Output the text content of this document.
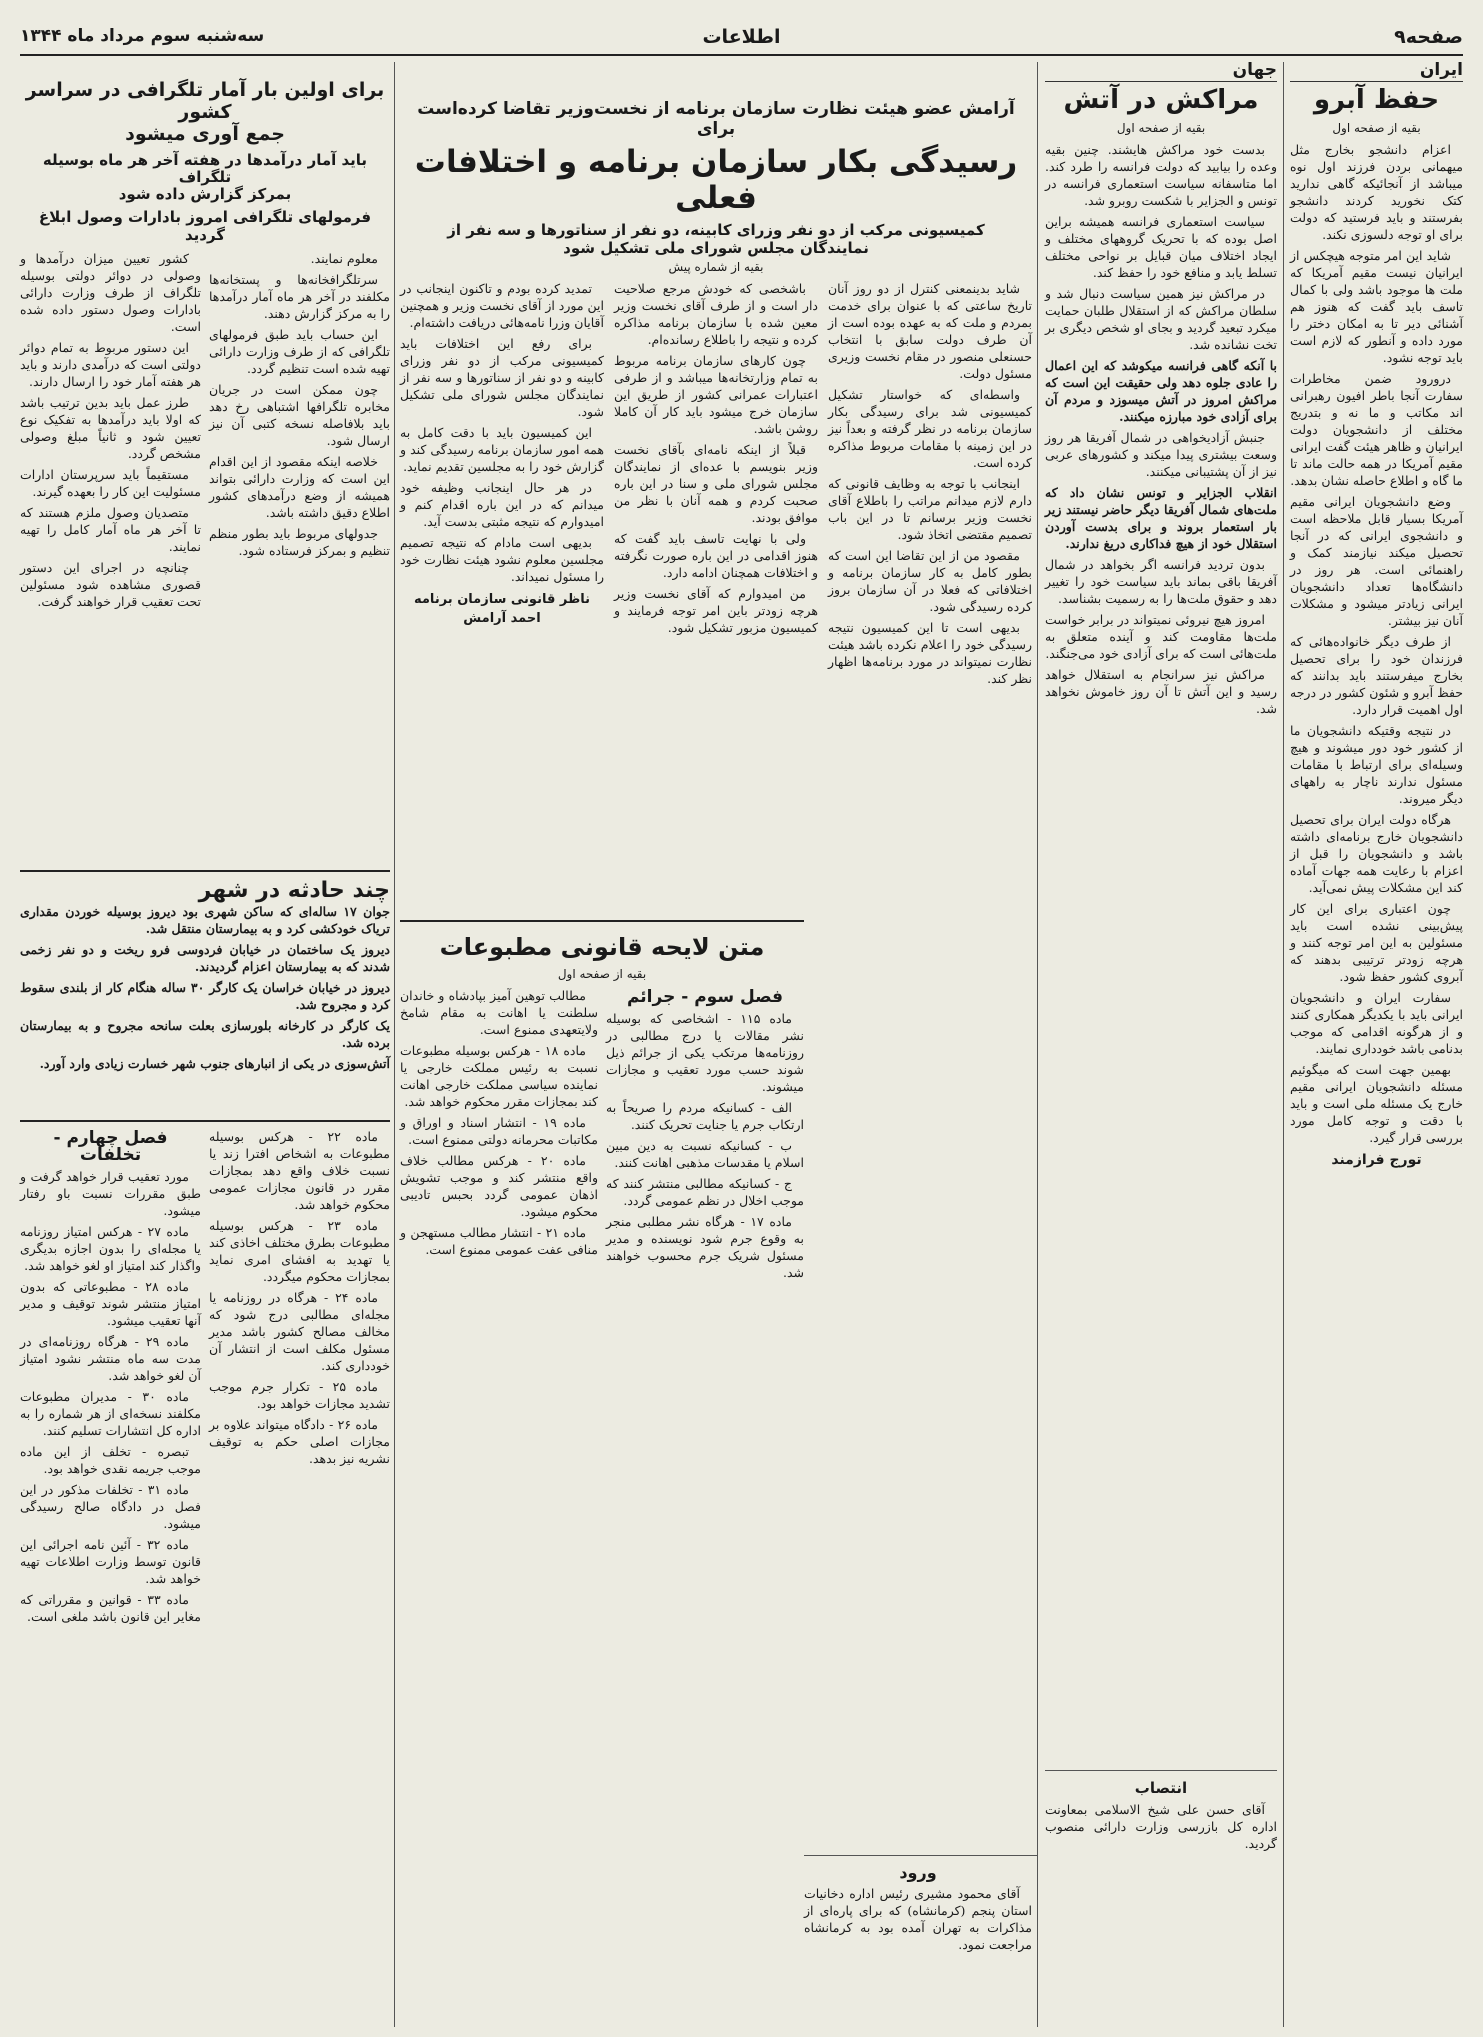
صفحه۹
اطلاعات
سه‌شنبه سوم مرداد ماه ۱۳۴۴
ایران
حفظ آبرو
بقیه از صفحه اول

اعزام دانشجو بخارج مثل میهمانی بردن فرزند اول نوه میباشد از آنجائیکه گاهی ندارید کتک نخورید کردند دانشجو بفرستند و باید فرستید که دولت برای او توجه دلسوزی نکند.

شاید این امر متوجه هیچکس از ایرانیان نیست مقیم آمریکا که ملت ها موجود باشد ولی با کمال تاسف باید گفت که هنوز هم آشنائی دیر تا به امکان دختر را مورد داده و آنطور که لازم است باید توجه نشود.

درورود ضمن مخاطرات سفارت آنجا باطر افیون رهبرانی اند مکاتب و ما نه و بتدریج مختلف از دانشجویان دولت ایرانیان و ظاهر هیئت گفت ایرانی مقیم آمریکا در همه حالت ماند تا ما گاه و اطلاع حاصله نشان بدهد.

وضع دانشجویان ایرانی مقیم آمریکا بسیار قابل ملاحظه است و دانشجوی ایرانی که در آنجا تحصیل میکند نیازمند کمک و راهنمائی است. هر روز در دانشگاه‌ها تعداد دانشجویان ایرانی زیادتر میشود و مشکلات آنان نیز بیشتر.

از طرف دیگر خانواده‌هائی که فرزندان خود را برای تحصیل بخارج میفرستند باید بدانند که حفظ آبرو و شئون کشور در درجه اول اهمیت قرار دارد.

در نتیجه وقتیکه دانشجویان ما از کشور خود دور میشوند و هیچ وسیله‌ای برای ارتباط با مقامات مسئول ندارند ناچار به راههای دیگر میروند.

هرگاه دولت ایران برای تحصیل دانشجویان خارج برنامه‌ای داشته باشد و دانشجویان را قبل از اعزام با رعایت همه جهات آماده کند این مشکلات پیش نمی‌آید.

چون اعتباری برای این کار پیش‌بینی نشده است باید مسئولین به این امر توجه کنند و هرچه زودتر ترتیبی بدهند که آبروی کشور حفظ شود.

سفارت ایران و دانشجویان ایرانی باید با یکدیگر همکاری کنند و از هرگونه اقدامی که موجب بدنامی باشد خودداری نمایند.

بهمین جهت است که میگوئیم مسئله دانشجویان ایرانی مقیم خارج یک مسئله ملی است و باید با دقت و توجه کامل مورد بررسی قرار گیرد.

تورج فرازمند
جهان
مراکش در آتش
بقیه از صفحه اول

بدست خود مراکش هایشند. چنین بقیه وعده را بیابید که دولت فرانسه را طرد کند. اما متاسفانه سیاست استعماری فرانسه در تونس و الجزایر با شکست روبرو شد.

سیاست استعماری فرانسه همیشه براین اصل بوده که با تحریک گروههای مختلف و ایجاد اختلاف میان قبایل بر نواحی مختلف تسلط یابد و منافع خود را حفظ کند.

در مراکش نیز همین سیاست دنبال شد و سلطان مراکش که از استقلال طلبان حمایت میکرد تبعید گردید و بجای او شخص دیگری بر تخت نشانده شد.

با آنکه گاهی فرانسه میکوشد که این اعمال را عادی جلوه دهد ولی حقیقت این است که مراکش امروز در آتش میسوزد و مردم آن برای آزادی خود مبارزه میکنند.

جنبش آزادیخواهی در شمال آفریقا هر روز وسعت بیشتری پیدا میکند و کشورهای عربی نیز از آن پشتیبانی میکنند.

انقلاب الجزایر و تونس نشان داد که ملت‌های شمال آفریقا دیگر حاضر نیستند زیر بار استعمار بروند و برای بدست آوردن استقلال خود از هیچ فداکاری دریغ ندارند.

بدون تردید فرانسه اگر بخواهد در شمال آفریقا باقی بماند باید سیاست خود را تغییر دهد و حقوق ملت‌ها را به رسمیت بشناسد.

امروز هیچ نیروئی نمیتواند در برابر خواست ملت‌ها مقاومت کند و آینده متعلق به ملت‌هائی است که برای آزادی خود می‌جنگند.

مراکش نیز سرانجام به استقلال خواهد رسید و این آتش تا آن روز خاموش نخواهد شد.

انتصاب

آقای حسن علی شیخ الاسلامی بمعاونت اداره کل بازرسی وزارت دارائی منصوب گردید.

ورود

آقای محمود مشیری رئیس اداره دخانیات استان پنجم (کرمانشاه) که برای پاره‌ای از مذاکرات به تهران آمده بود به کرمانشاه مراجعت نمود.

آرامش عضو هیئت نظارت سازمان برنامه از نخست‌وزیر تقاضا کرده‌است برای
رسیدگی بکار سازمان برنامه و اختلافات فعلی
کمیسیونی مرکب از دو نفر وزرای کابینه، دو نفر از سناتورها و سه نفر از نمایندگان مجلس شورای ملی تشکیل شود
بقیه از شماره پیش

شاید بدینمعنی کنترل از دو روز آنان تاریخ ساعتی که با عنوان برای خدمت بمردم و ملت که به عهده بوده است از آن طرف دولت سابق با انتخاب حسنعلی منصور در مقام نخست وزیری مسئول دولت.

واسطه‌ای که خواستار تشکیل کمیسیونی شد برای رسیدگی بکار سازمان برنامه در نظر گرفته و بعداً نیز در این زمینه با مقامات مربوط مذاکره کرده است.

اینجانب با توجه به وظایف قانونی که دارم لازم میدانم مراتب را باطلاع آقای نخست وزیر برسانم تا در این باب تصمیم مقتضی اتخاذ شود.

مقصود من از این تقاضا این است که بطور کامل به کار سازمان برنامه و اختلافاتی که فعلا در آن سازمان بروز کرده رسیدگی شود.

بدیهی است تا این کمیسیون نتیجه رسیدگی خود را اعلام نکرده باشد هیئت نظارت نمیتواند در مورد برنامه‌ها اظهار نظر کند.

باشخصی که خودش مرجع صلاحیت دار است و از طرف آقای نخست وزیر معین شده با سازمان برنامه مذاکره کرده و نتیجه را باطلاع رسانده‌ام.

چون کارهای سازمان برنامه مربوط به تمام وزارتخانه‌ها میباشد و از طرفی اعتبارات عمرانی کشور از طریق این سازمان خرج میشود باید کار آن کاملا روشن باشد.

قبلاً از اینکه نامه‌ای بآقای نخست وزیر بنویسم با عده‌ای از نمایندگان مجلس شورای ملی و سنا در این باره صحبت کردم و همه آنان با نظر من موافق بودند.

ولی با نهایت تاسف باید گفت که هنوز اقدامی در این باره صورت نگرفته و اختلافات همچنان ادامه دارد.

من امیدوارم که آقای نخست وزیر هرچه زودتر باین امر توجه فرمایند و کمیسیون مزبور تشکیل شود.

تمدید کرده بودم و تاکنون اینجانب در این مورد از آقای نخست وزیر و همچنین آقایان وزرا نامه‌هائی دریافت داشته‌ام.

برای رفع این اختلافات باید کمیسیونی مرکب از دو نفر وزرای کابینه و دو نفر از سناتورها و سه نفر از نمایندگان مجلس شورای ملی تشکیل شود.

این کمیسیون باید با دقت کامل به همه امور سازمان برنامه رسیدگی کند و گزارش خود را به مجلسین تقدیم نماید.

در هر حال اینجانب وظیفه خود میدانم که در این باره اقدام کنم و امیدوارم که نتیجه مثبتی بدست آید.

بدیهی است مادام که نتیجه تصمیم مجلسین معلوم نشود هیئت نظارت خود را مسئول نمیداند.

ناظر قانونی سازمان برنامه
احمد آرامش
متن لایحه قانونی مطبوعات
بقیه از صفحه اول
فصل سوم - جرائم

ماده ۱۱۵ - اشخاصی که بوسیله نشر مقالات یا درج مطالبی در روزنامه‌ها مرتکب یکی از جرائم ذیل شوند حسب مورد تعقیب و مجازات میشوند.

الف - کسانیکه مردم را صریحاً به ارتکاب جرم یا جنایت تحریک کنند.

ب - کسانیکه نسبت به دین مبین اسلام یا مقدسات مذهبی اهانت کنند.

ج - کسانیکه مطالبی منتشر کنند که موجب اخلال در نظم عمومی گردد.

ماده ۱۷ - هرگاه نشر مطلبی منجر به وقوع جرم شود نویسنده و مدیر مسئول شریک جرم محسوب خواهند شد.

مطالب توهین آمیز بپادشاه و خاندان سلطنت یا اهانت به مقام شامخ ولایتعهدی ممنوع است.

ماده ۱۸ - هرکس بوسیله مطبوعات نسبت به رئیس مملکت خارجی یا نماینده سیاسی مملکت خارجی اهانت کند بمجازات مقرر محکوم خواهد شد.

ماده ۱۹ - انتشار اسناد و اوراق و مکاتبات محرمانه دولتی ممنوع است.

ماده ۲۰ - هرکس مطالب خلاف واقع منتشر کند و موجب تشویش اذهان عمومی گردد بحبس تادیبی محکوم میشود.

ماده ۲۱ - انتشار مطالب مستهجن و منافی عفت عمومی ممنوع است.

برای اولین بار آمار تلگرافی در سراسر کشور
جمع آوری میشود
باید آمار درآمدها در هفته آخر هر ماه بوسیله تلگراف
بمرکز گزارش داده شود
فرمولهای تلگرافی امروز بادارات وصول ابلاغ گردید

معلوم نمایند.

سرتلگرافخانه‌ها و پستخانه‌ها مکلفند در آخر هر ماه آمار درآمدها را به مرکز گزارش دهند.

این حساب باید طبق فرمولهای تلگرافی که از طرف وزارت دارائی تهیه شده است تنظیم گردد.

چون ممکن است در جریان مخابره تلگرافها اشتباهی رخ دهد باید بلافاصله نسخه کتبی آن نیز ارسال شود.

خلاصه اینکه مقصود از این اقدام این است که وزارت دارائی بتواند همیشه از وضع درآمدهای کشور اطلاع دقیق داشته باشد.

جدولهای مربوط باید بطور منظم تنظیم و بمرکز فرستاده شود.

کشور تعیین میزان درآمدها و وصولی در دوائر دولتی بوسیله تلگراف از طرف وزارت دارائی بادارات وصول دستور داده شده است.

این دستور مربوط به تمام دوائر دولتی است که درآمدی دارند و باید هر هفته آمار خود را ارسال دارند.

طرز عمل باید بدین ترتیب باشد که اولا باید درآمدها به تفکیک نوع تعیین شود و ثانیاً مبلغ وصولی مشخص گردد.

مستقیماً باید سرپرستان ادارات مسئولیت این کار را بعهده گیرند.

متصدیان وصول ملزم هستند که تا آخر هر ماه آمار کامل را تهیه نمایند.

چنانچه در اجرای این دستور قصوری مشاهده شود مسئولین تحت تعقیب قرار خواهند گرفت.

چند حادثه در شهر

جوان ۱۷ ساله‌ای که ساکن شهری بود دیروز بوسیله خوردن مقداری تریاک خودکشی کرد و به بیمارستان منتقل شد.

دیروز یک ساختمان در خیابان فردوسی فرو ریخت و دو نفر زخمی شدند که به بیمارستان اعزام گردیدند.

دیروز در خیابان خراسان یک کارگر ۳۰ ساله هنگام کار از بلندی سقوط کرد و مجروح شد.

یک کارگر در کارخانه بلورسازی بعلت سانحه مجروح و به بیمارستان برده شد.

آتش‌سوزی در یکی از انبارهای جنوب شهر خسارت زیادی وارد آورد.

ماده ۲۲ - هرکس بوسیله مطبوعات به اشخاص افترا زند یا نسبت خلاف واقع دهد بمجازات مقرر در قانون مجازات عمومی محکوم خواهد شد.

ماده ۲۳ - هرکس بوسیله مطبوعات بطرق مختلف اخاذی کند یا تهدید به افشای امری نماید بمجازات محکوم میگردد.

ماده ۲۴ - هرگاه در روزنامه یا مجله‌ای مطالبی درج شود که مخالف مصالح کشور باشد مدیر مسئول مکلف است از انتشار آن خودداری کند.

ماده ۲۵ - تکرار جرم موجب تشدید مجازات خواهد بود.

ماده ۲۶ - دادگاه میتواند علاوه بر مجازات اصلی حکم به توقیف نشریه نیز بدهد.

فصل چهارم - تخلفات

مورد تعقیب قرار خواهد گرفت و طبق مقررات نسبت باو رفتار میشود.

ماده ۲۷ - هرکس امتیاز روزنامه یا مجله‌ای را بدون اجازه بدیگری واگذار کند امتیاز او لغو خواهد شد.

ماده ۲۸ - مطبوعاتی که بدون امتیاز منتشر شوند توقیف و مدیر آنها تعقیب میشود.

ماده ۲۹ - هرگاه روزنامه‌ای در مدت سه ماه منتشر نشود امتیاز آن لغو خواهد شد.

ماده ۳۰ - مدیران مطبوعات مکلفند نسخه‌ای از هر شماره را به اداره کل انتشارات تسلیم کنند.

تبصره - تخلف از این ماده موجب جریمه نقدی خواهد بود.

ماده ۳۱ - تخلفات مذکور در این فصل در دادگاه صالح رسیدگی میشود.

ماده ۳۲ - آئین نامه اجرائی این قانون توسط وزارت اطلاعات تهیه خواهد شد.

ماده ۳۳ - قوانین و مقرراتی که مغایر این قانون باشد ملغی است.
